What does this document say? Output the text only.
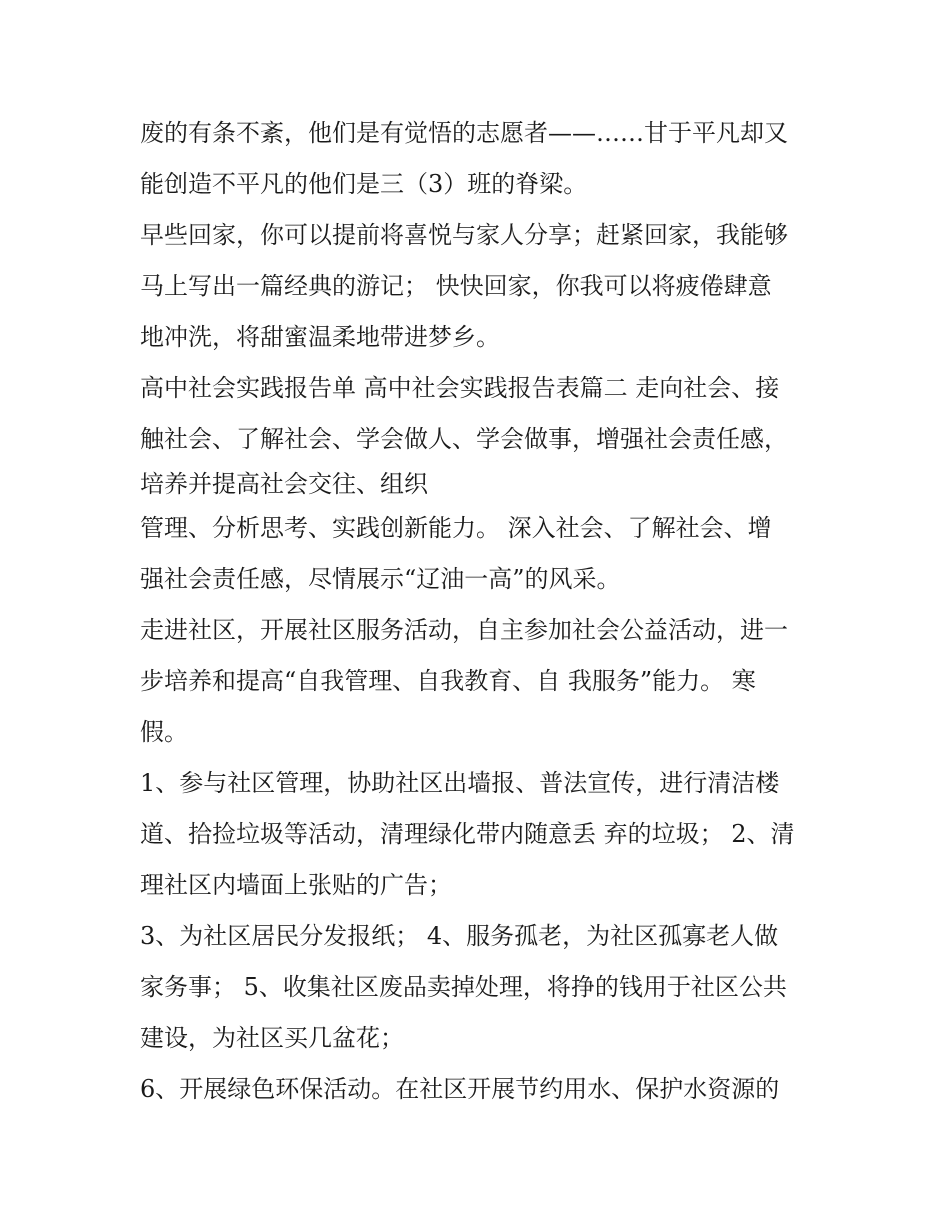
废的有条不紊，他们是有觉悟的志愿者——……甘于平凡却又
能创造不平凡的他们是三（3）班的脊梁。
早些回家，你可以提前将喜悦与家人分享；赶紧回家，我能够
马上写出一篇经典的游记； 快快回家，你我可以将疲倦肆意
地冲洗，将甜蜜温柔地带进梦乡。
高中社会实践报告单 高中社会实践报告表篇二 走向社会、接
触社会、了解社会、学会做人、学会做事，增强社会责任感，
培养并提高社会交往、组织
管理、分析思考、实践创新能力。 深入社会、了解社会、增
强社会责任感，尽情展示“辽油一高”的风采。
走进社区，开展社区服务活动，自主参加社会公益活动，进一
步培养和提高“自我管理、自我教育、自 我服务”能力。 寒
假。
1、参与社区管理，协助社区出墙报、普法宣传，进行清洁楼
道、拾捡垃圾等活动，清理绿化带内随意丢 弃的垃圾； 2、清
理社区内墙面上张贴的广告；
3、为社区居民分发报纸； 4、服务孤老，为社区孤寡老人做
家务事； 5、收集社区废品卖掉处理，将挣的钱用于社区公共
建设，为社区买几盆花；
6、开展绿色环保活动。在社区开展节约用水、保护水资源的
